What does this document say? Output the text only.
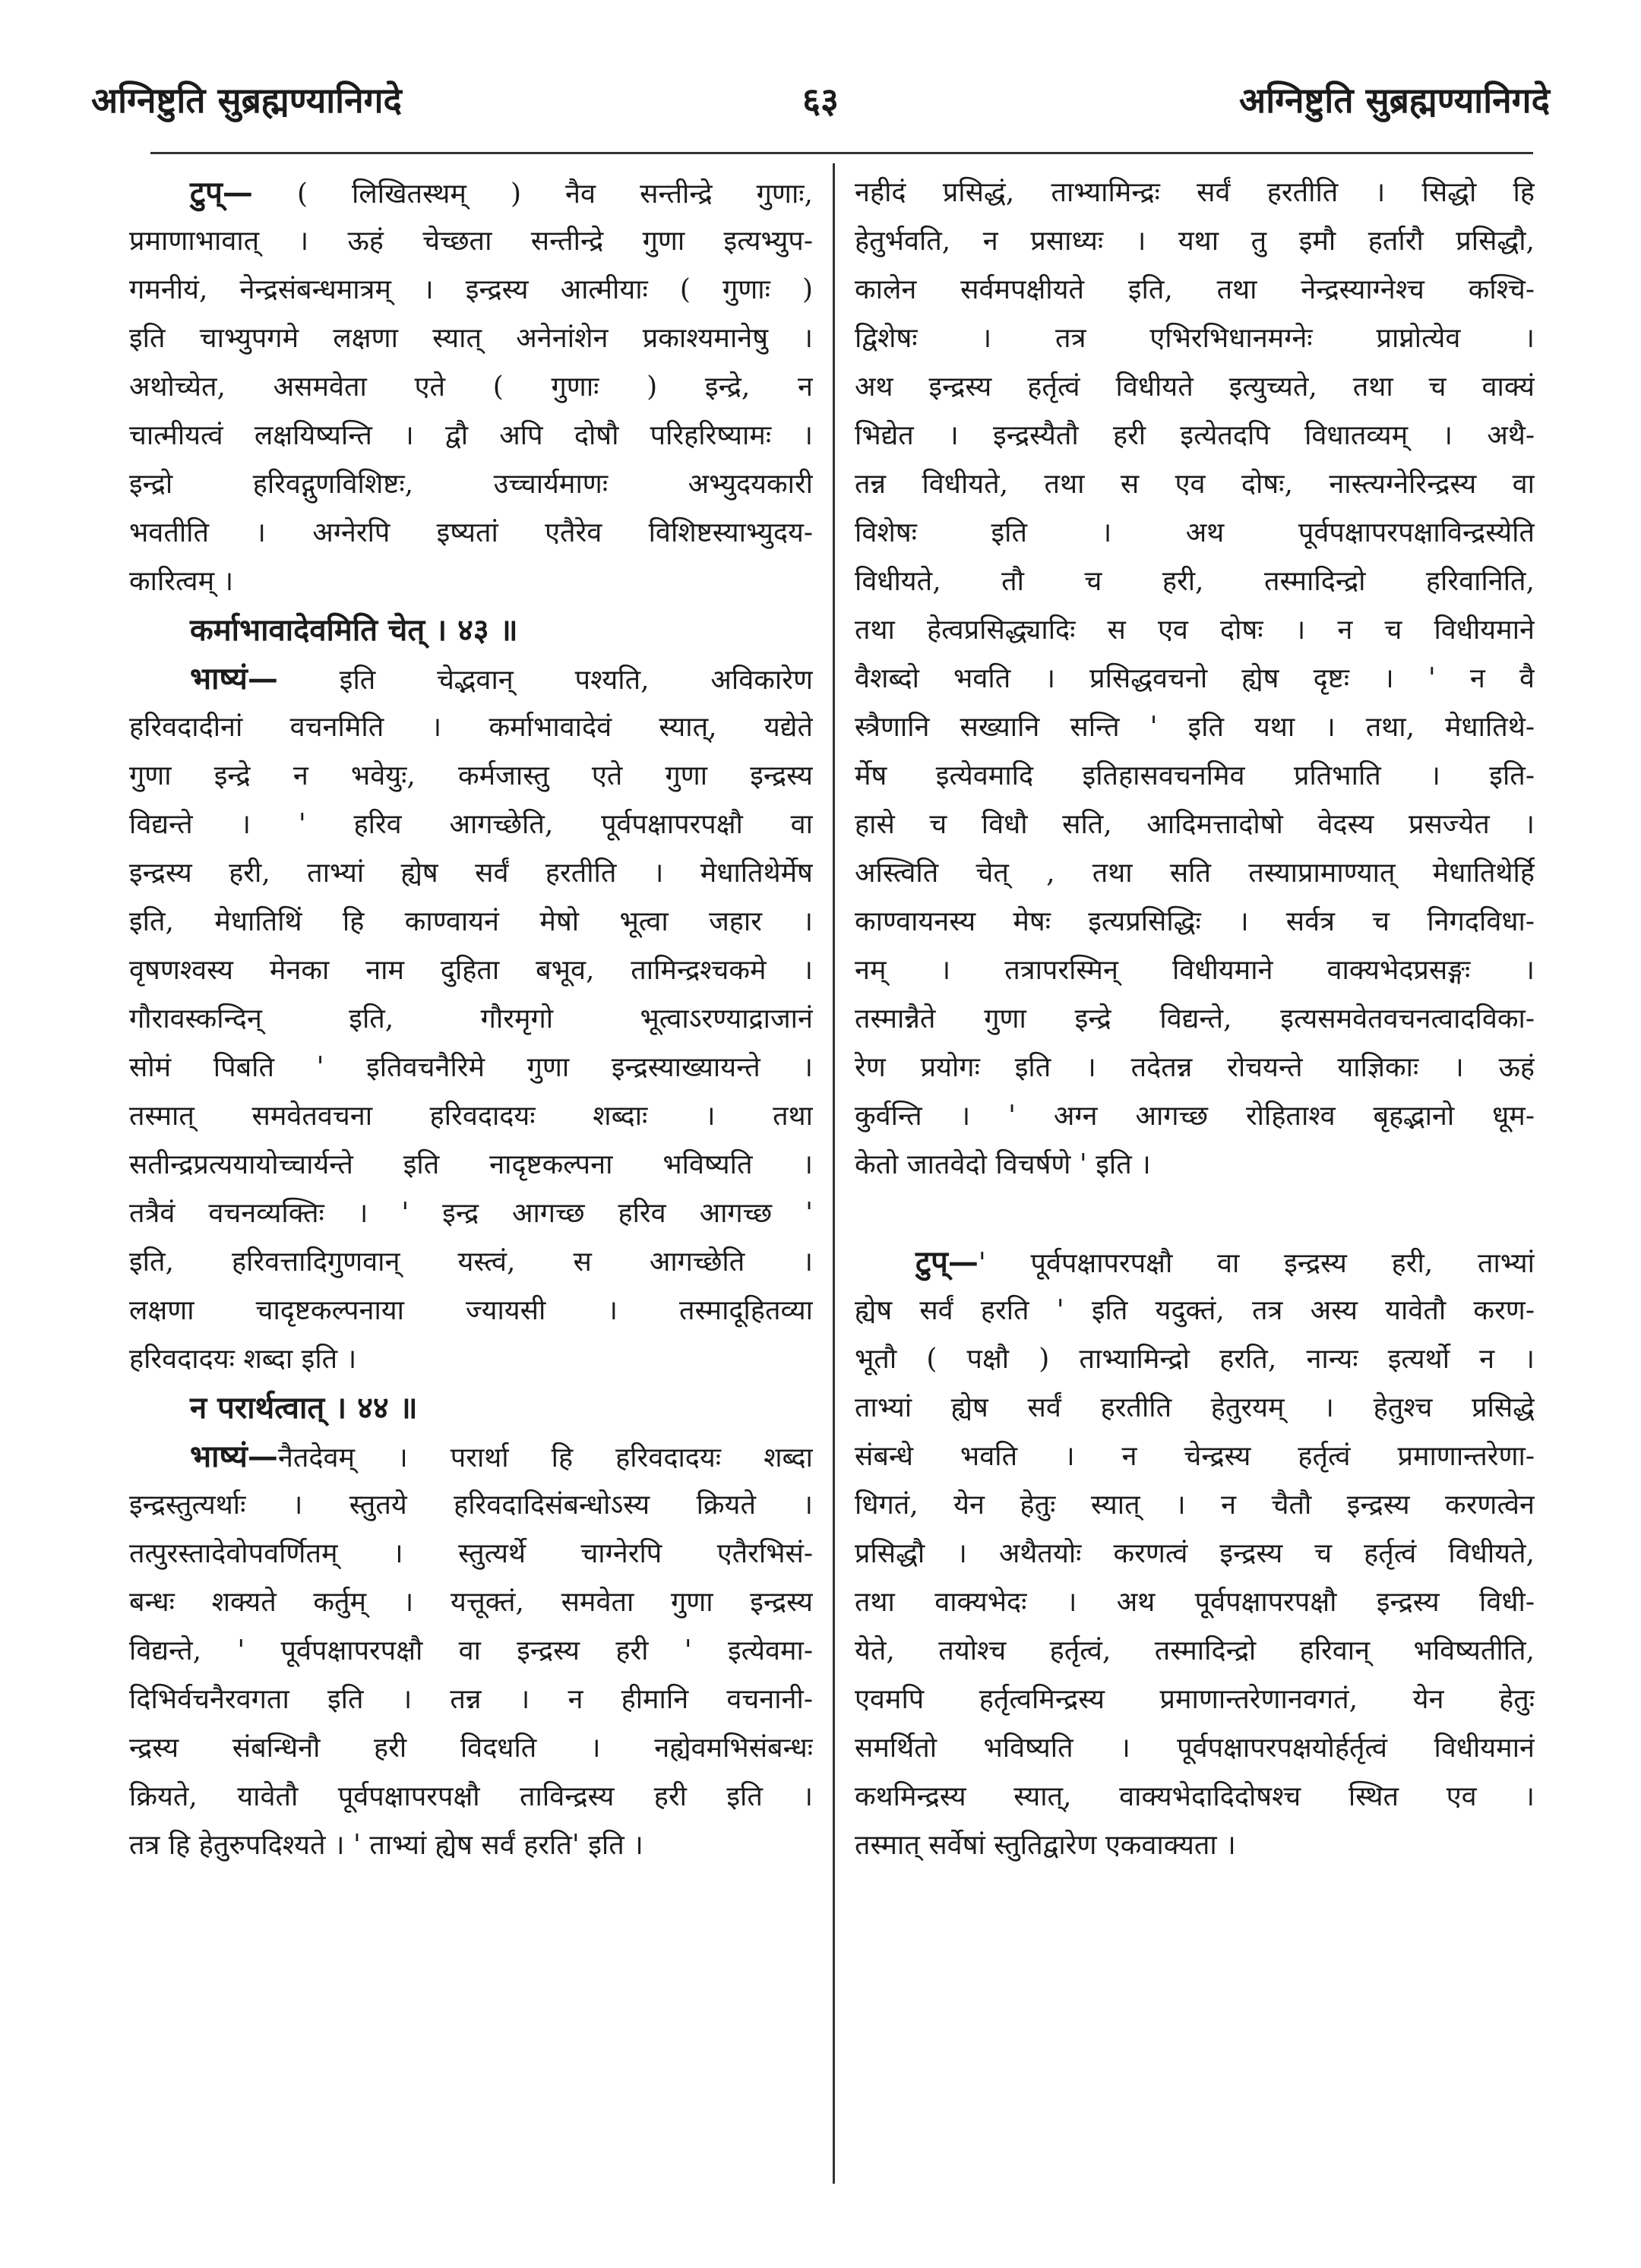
६३
अग्निष्टुति सुब्रह्मण्यानिगदे	अग्निष्टुति सुब्रह्मण्यानिगदे
टुप्— ( लिखितस्थम् ) नैव सन्तीन्द्रे गुणाः,
प्रमाणाभावात् । ऊहं चेच्छता सन्तीन्द्रे गुणा इत्यभ्युप-
गमनीयं, नेन्द्रसंबन्धमात्रम् । इन्द्रस्य आत्मीयाः ( गुणाः )
इति चाभ्युपगमे लक्षणा स्यात् अनेनांशेन प्रकाश्यमानेषु ।
अथोच्येत, असमवेता एते ( गुणाः ) इन्द्रे, न
चात्मीयत्वं लक्षयिष्यन्ति । द्वौ अपि दोषौ परिहरिष्यामः ।
इन्द्रो हरिवद्गुणविशिष्टः, उच्चार्यमाणः अभ्युदयकारी
भवतीति । अग्नेरपि इष्यतां एतैरेव विशिष्टस्याभ्युदय-
कारित्वम् ।
कर्माभावादेवमिति चेत् । ४३ ॥
भाष्यं— इति चेद्भवान् पश्यति, अविकारेण
हरिवदादीनां वचनमिति । कर्माभावादेवं स्यात्, यद्येते
गुणा इन्द्रे न भवेयुः, कर्मजास्तु एते गुणा इन्द्रस्य
विद्यन्ते । ' हरिव आगच्छेति, पूर्वपक्षापरपक्षौ वा
इन्द्रस्य हरी, ताभ्यां ह्येष सर्वं हरतीति । मेधातिथेर्मेष
इति, मेधातिथिं हि काण्वायनं मेषो भूत्वा जहार ।
वृषणश्वस्य मेनका नाम दुहिता बभूव, तामिन्द्रश्चकमे ।
गौरावस्कन्दिन् इति, गौरमृगो भूत्वाऽरण्याद्राजानं
सोमं पिबति ' इतिवचनैरिमे गुणा इन्द्रस्याख्यायन्ते ।
तस्मात् समवेतवचना हरिवदादयः शब्दाः । तथा
सतीन्द्रप्रत्ययायोच्चार्यन्ते इति नादृष्टकल्पना भविष्यति ।
तत्रैवं वचनव्यक्तिः । ' इन्द्र आगच्छ हरिव आगच्छ '
इति, हरिवत्तादिगुणवान् यस्त्वं, स आगच्छेति ।
लक्षणा चादृष्टकल्पनाया ज्यायसी । तस्मादूहितव्या
हरिवदादयः शब्दा इति ।
न परार्थत्वात् । ४४ ॥
भाष्यं—नैतदेवम् । परार्था हि हरिवदादयः शब्दा
इन्द्रस्तुत्यर्थाः । स्तुतये हरिवदादिसंबन्धोऽस्य क्रियते ।
तत्पुरस्तादेवोपवर्णितम् । स्तुत्यर्थे चाग्नेरपि एतैरभिसं-
बन्धः शक्यते कर्तुम् । यत्तूक्तं, समवेता गुणा इन्द्रस्य
विद्यन्ते, ' पूर्वपक्षापरपक्षौ वा इन्द्रस्य हरी ' इत्येवमा-
दिभिर्वचनैरवगता इति । तन्न । न हीमानि वचनानी-
न्द्रस्य संबन्धिनौ हरी विदधति । नह्येवमभिसंबन्धः
क्रियते, यावेतौ पूर्वपक्षापरपक्षौ ताविन्द्रस्य हरी इति ।
तत्र हि हेतुरुपदिश्यते । ' ताभ्यां ह्येष सर्वं हरति' इति ।
नहीदं प्रसिद्धं, ताभ्यामिन्द्रः सर्वं हरतीति । सिद्धो हि
हेतुर्भवति, न प्रसाध्यः । यथा तु इमौ हर्तारौ प्रसिद्धौ,
कालेन सर्वमपक्षीयते इति, तथा नेन्द्रस्याग्नेश्च कश्चि-
द्विशेषः । तत्र एभिरभिधानमग्नेः प्राप्नोत्येव ।
अथ इन्द्रस्य हर्तृत्वं विधीयते इत्युच्यते, तथा च वाक्यं
भिद्येत । इन्द्रस्यैतौ हरी इत्येतदपि विधातव्यम् । अथै-
तन्न विधीयते, तथा स एव दोषः, नास्त्यग्नेरिन्द्रस्य वा
विशेषः इति । अथ पूर्वपक्षापरपक्षाविन्द्रस्येति
विधीयते, तौ च हरी, तस्मादिन्द्रो हरिवानिति,
तथा हेत्वप्रसिद्ध्यादिः स एव दोषः । न च विधीयमाने
वैशब्दो भवति । प्रसिद्धवचनो ह्येष दृष्टः । ' न वै
स्त्रैणानि सख्यानि सन्ति ' इति यथा । तथा, मेधातिथे-
र्मेष इत्येवमादि इतिहासवचनमिव प्रतिभाति । इति-
हासे च विधौ सति, आदिमत्तादोषो वेदस्य प्रसज्येत ।
अस्त्विति चेत् , तथा सति तस्याप्रामाण्यात् मेधातिथेर्हि
काण्वायनस्य मेषः इत्यप्रसिद्धिः । सर्वत्र च निगदविधा-
नम् । तत्रापरस्मिन् विधीयमाने वाक्यभेदप्रसङ्गः ।
तस्मान्नैते गुणा इन्द्रे विद्यन्ते, इत्यसमवेतवचनत्वादविका-
रेण प्रयोगः इति । तदेतन्न रोचयन्ते याज्ञिकाः । ऊहं
कुर्वन्ति । ' अग्न आगच्छ रोहिताश्व बृहद्भानो धूम-
केतो जातवेदो विचर्षणे ' इति ।
टुप्—' पूर्वपक्षापरपक्षौ वा इन्द्रस्य हरी, ताभ्यां
ह्येष सर्वं हरति ' इति यदुक्तं, तत्र अस्य यावेतौ करण-
भूतौ ( पक्षौ ) ताभ्यामिन्द्रो हरति, नान्यः इत्यर्थो न ।
ताभ्यां ह्येष सर्वं हरतीति हेतुरयम् । हेतुश्च प्रसिद्धे
संबन्धे भवति । न चेन्द्रस्य हर्तृत्वं प्रमाणान्तरेणा-
धिगतं, येन हेतुः स्यात् । न चैतौ इन्द्रस्य करणत्वेन
प्रसिद्धौ । अथैतयोः करणत्वं इन्द्रस्य च हर्तृत्वं विधीयते,
तथा वाक्यभेदः । अथ पूर्वपक्षापरपक्षौ इन्द्रस्य विधी-
येते, तयोश्च हर्तृत्वं, तस्मादिन्द्रो हरिवान् भविष्यतीति,
एवमपि हर्तृत्वमिन्द्रस्य प्रमाणान्तरेणानवगतं, येन हेतुः
समर्थितो भविष्यति । पूर्वपक्षापरपक्षयोर्हर्तृत्वं विधीयमानं
कथमिन्द्रस्य स्यात्, वाक्यभेदादिदोषश्च स्थित एव ।
तस्मात् सर्वेषां स्तुतिद्वारेण एकवाक्यता ।
